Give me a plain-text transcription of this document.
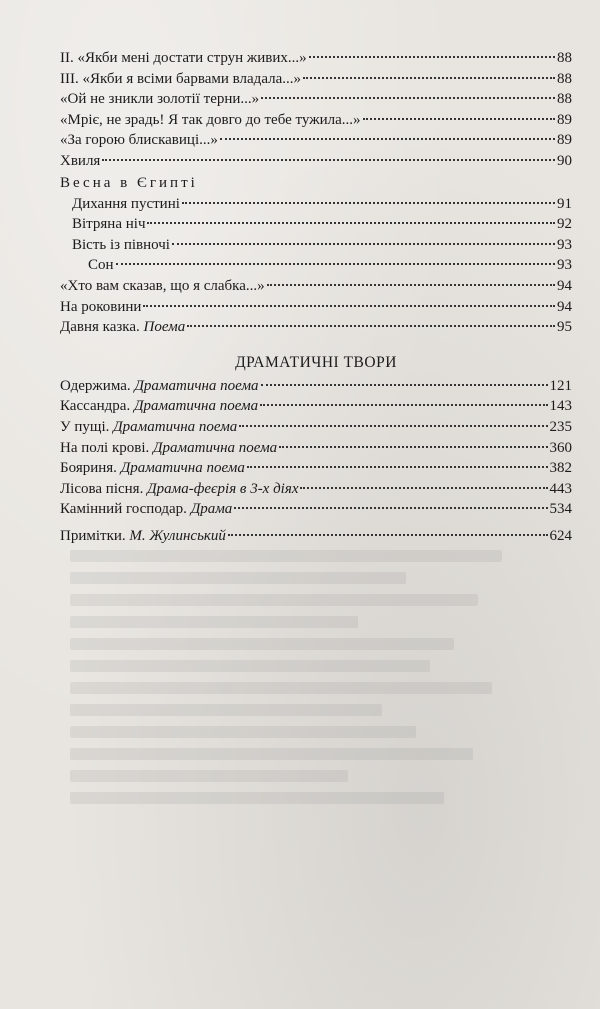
II. «Якби мені достати струн живих...»	88
III. «Якби я всіми барвами владала...»	88
«Ой не зникли золотії терни...»	88
«Мріє, не зрадь! Я так довго до тебе тужила...»	89
«За горою блискавиці...»	89
Хвиля	90
Весна в Єгипті
Дихання пустині	91
Вітряна ніч	92
Вість із півночі	93
Сон	93
«Хто вам сказав, що я слабка...»	94
На роковини	94
Давня казка. Поема	95
ДРАМАТИЧНІ ТВОРИ
Одержима. Драматична поема	121
Кассандра. Драматична поема	143
У пущі. Драматична поема	235
На полі крові. Драматична поема	360
Бояриня. Драматична поема	382
Лісова пісня. Драма-феєрія в 3-х діях	443
Камінний господар. Драма	534
Примітки. М. Жулинський	624
